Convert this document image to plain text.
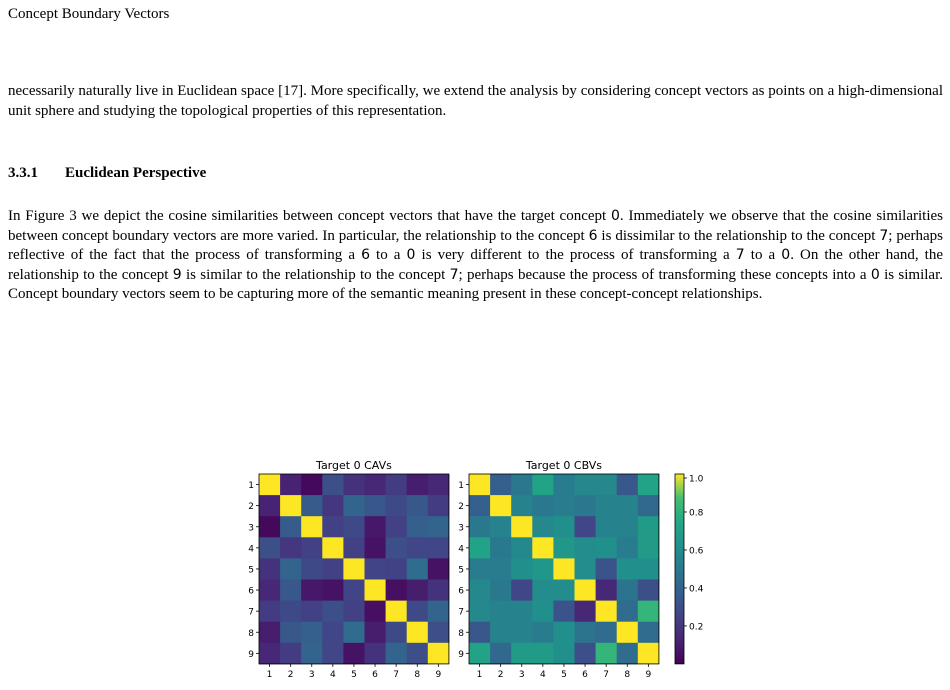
Concept Boundary Vectors

necessarily naturally live in Euclidean space [17]. More specifically, we extend the analysis by considering concept vectors as points on a high-dimensional unit sphere and studying the topological properties of this representation.

3.3.1 Euclidean Perspective

In Figure 3 we depict the cosine similarities between concept vectors that have the target concept 0. Immediately we observe that the cosine similarities between concept boundary vectors are more varied. In particular, the relationship to the concept 6 is dissimilar to the relationship to the concept 7; perhaps reflective of the fact that the process of transforming a 6 to a 0 is very different to the process of transforming a 7 to a 0. On the other hand, the relationship to the concept 9 is similar to the relationship to the concept 7; perhaps because the process of transforming these concepts into a 0 is similar. Concept boundary vectors seem to be capturing more of the semantic meaning present in these concept-concept relationships.

Target 0 CAVs
1
2
3
4
5
6
7
8
9
1 2 3 4 5 6 7 8 9
Target 0 CBVs
1
2
3
4
5
6
7
8
9
1 2 3 4 5 6 7 8 9
0.2
0.4
0.6
0.8
1.0
